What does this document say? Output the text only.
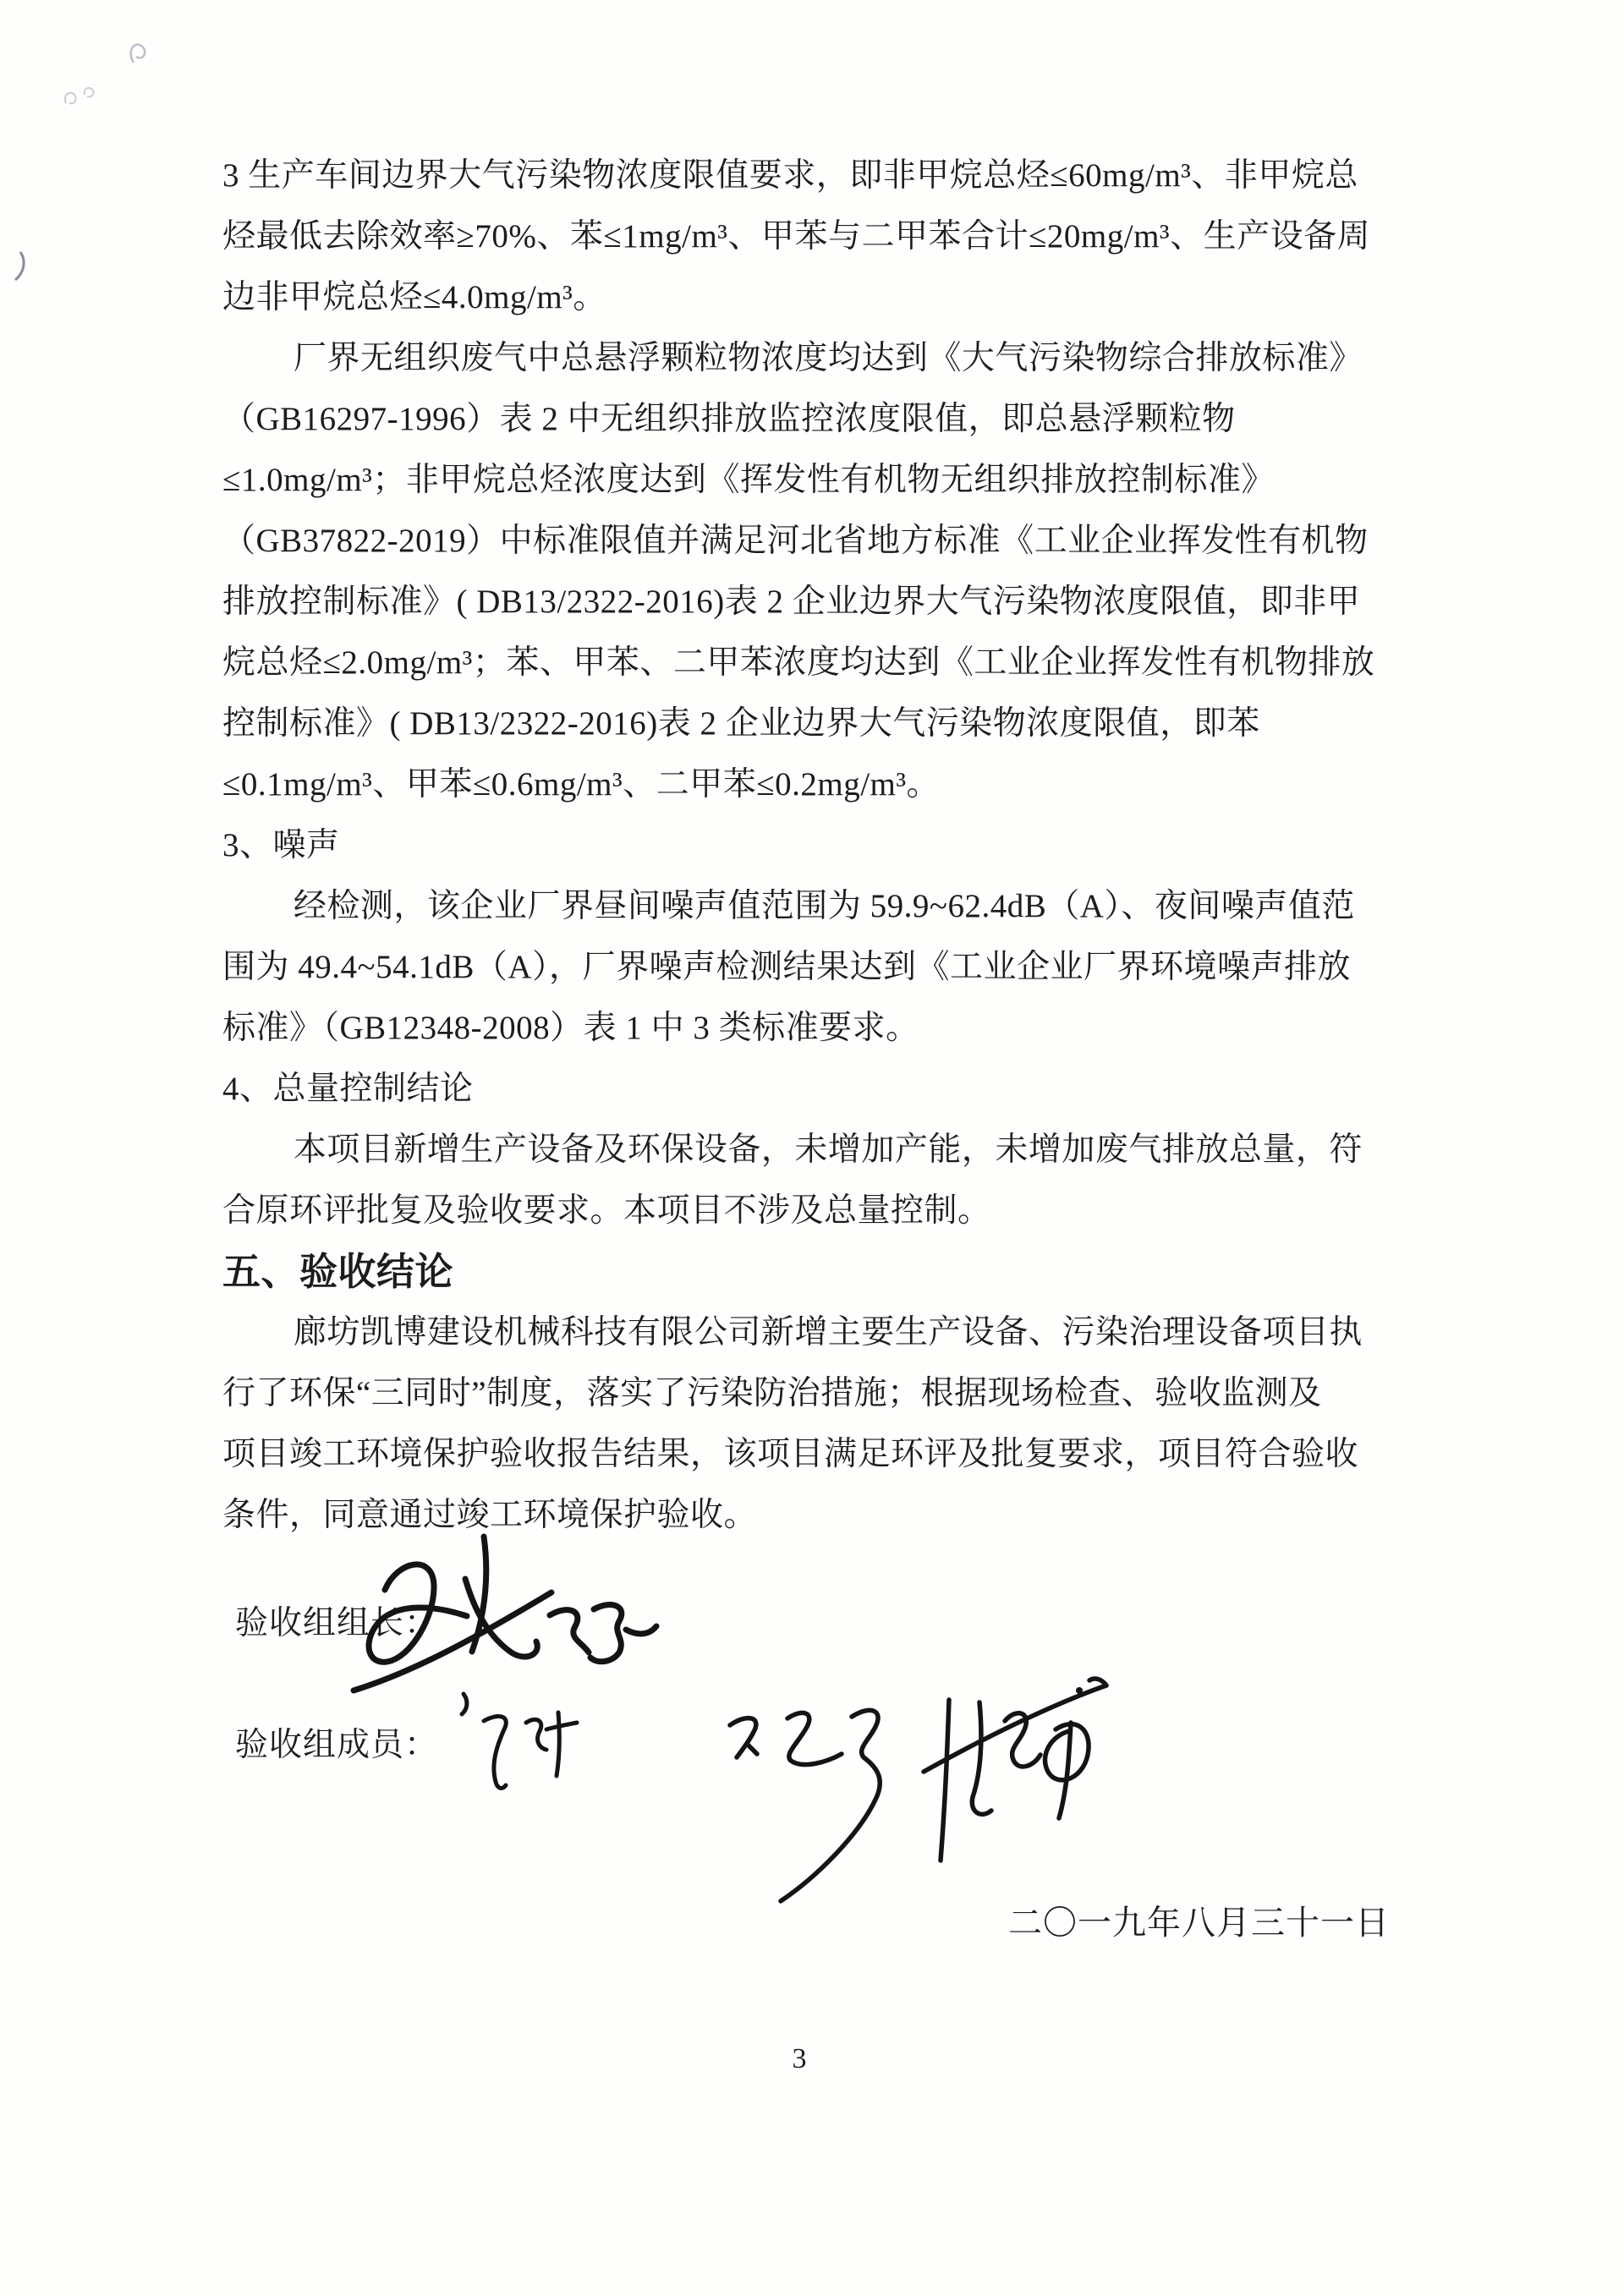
3 生产车间边界大气污染物浓度限值要求，即非甲烷总烃≤60mg/m³、非甲烷总
烃最低去除效率≥70%、苯≤1mg/m³、甲苯与二甲苯合计≤20mg/m³、生产设备周
边非甲烷总烃≤4.0mg/m³。
厂界无组织废气中总悬浮颗粒物浓度均达到《大气污染物综合排放标准》
（GB16297-1996）表 2 中无组织排放监控浓度限值，即总悬浮颗粒物
≤1.0mg/m³；非甲烷总烃浓度达到《挥发性有机物无组织排放控制标准》
（GB37822-2019）中标准限值并满足河北省地方标准《工业企业挥发性有机物
排放控制标准》( DB13/2322-2016)表 2 企业边界大气污染物浓度限值，即非甲
烷总烃≤2.0mg/m³；苯、甲苯、二甲苯浓度均达到《工业企业挥发性有机物排放
控制标准》( DB13/2322-2016)表 2 企业边界大气污染物浓度限值，即苯
≤0.1mg/m³、甲苯≤0.6mg/m³、二甲苯≤0.2mg/m³。
3、噪声
经检测，该企业厂界昼间噪声值范围为 59.9~62.4dB（A）、夜间噪声值范
围为 49.4~54.1dB（A），厂界噪声检测结果达到《工业企业厂界环境噪声排放
标准》（GB12348-2008）表 1 中 3 类标准要求。
4、总量控制结论
本项目新增生产设备及环保设备，未增加产能，未增加废气排放总量，符
合原环评批复及验收要求。本项目不涉及总量控制。
五、验收结论
廊坊凯博建设机械科技有限公司新增主要生产设备、污染治理设备项目执
行了环保“三同时”制度，落实了污染防治措施；根据现场检查、验收监测及
项目竣工环境保护验收报告结果，该项目满足环评及批复要求，项目符合验收
条件，同意通过竣工环境保护验收。
验收组组长：
验收组成员：
二〇一九年八月三十一日
3
